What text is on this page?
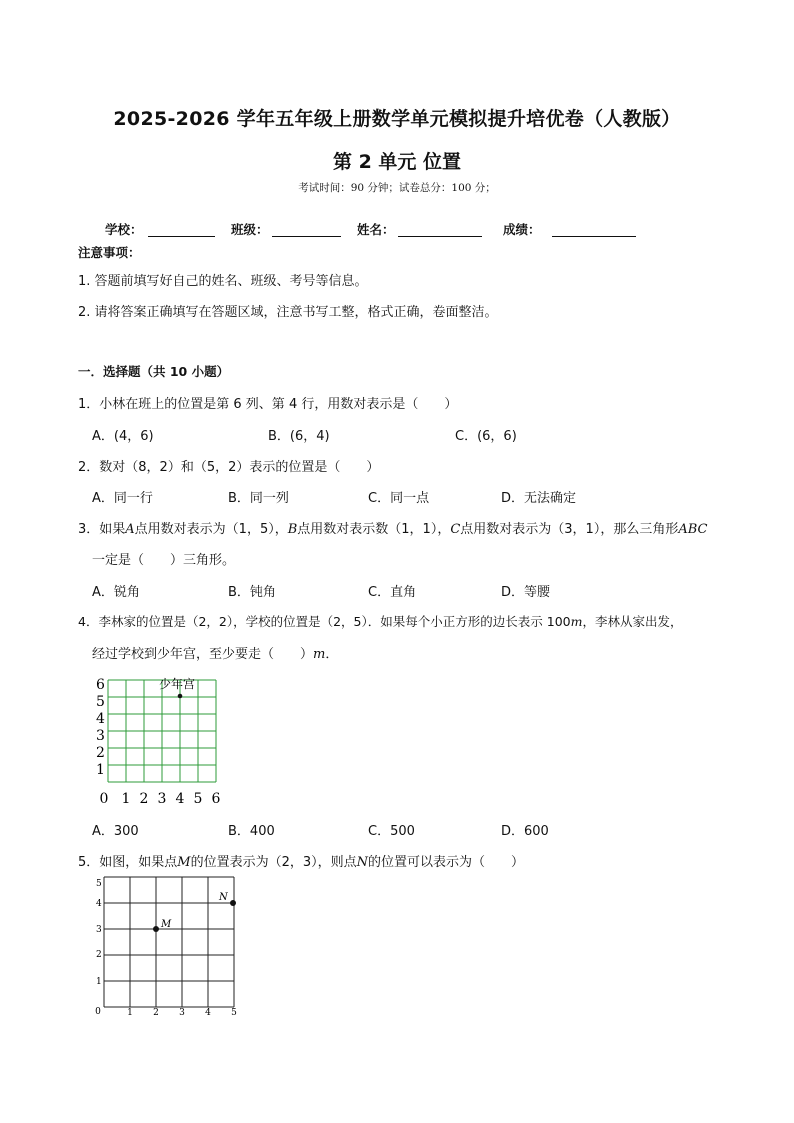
2025-2026 学年五年级上册数学单元模拟提升培优卷（人教版）
第 2 单元 位置
考试时间：90 分钟；试卷总分：100 分；
学校：	班级：	姓名：	成绩：
注意事项：
1. 答题前填写好自己的姓名、班级、考号等信息。
2. 请将答案正确填写在答题区域，注意书写工整，格式正确，卷面整洁。
一．选择题（共 10 小题）
1．小林在班上的位置是第 6 列、第 4 行，用数对表示是（　　）
A．(4，6)	B．(6，4)	C．(6，6)
2．数对（8，2）和（5，2）表示的位置是（　　）
A．同一行	B．同一列	C．同一点	D．无法确定
3．如果A点用数对表示为（1，5），B点用数对表示数（1，1），C点用数对表示为（3，1），那么三角形ABC
一定是（　　）三角形。
A．锐角	B．钝角	C．直角	D．等腰
4．李林家的位置是（2，2），学校的位置是（2，5）．如果每个小正方形的边长表示 100m，李林从家出发，
经过学校到少年宫，至少要走（　　）m．
少年宫
0 1 2 3 4 5 6
1
2
3
4
5
6
A．300	B．400	C．500	D．600
5．如图，如果点M的位置表示为（2，3），则点N的位置可以表示为（　　）
0	1 2 3 4 5
1
2
3
4
5
M
N
